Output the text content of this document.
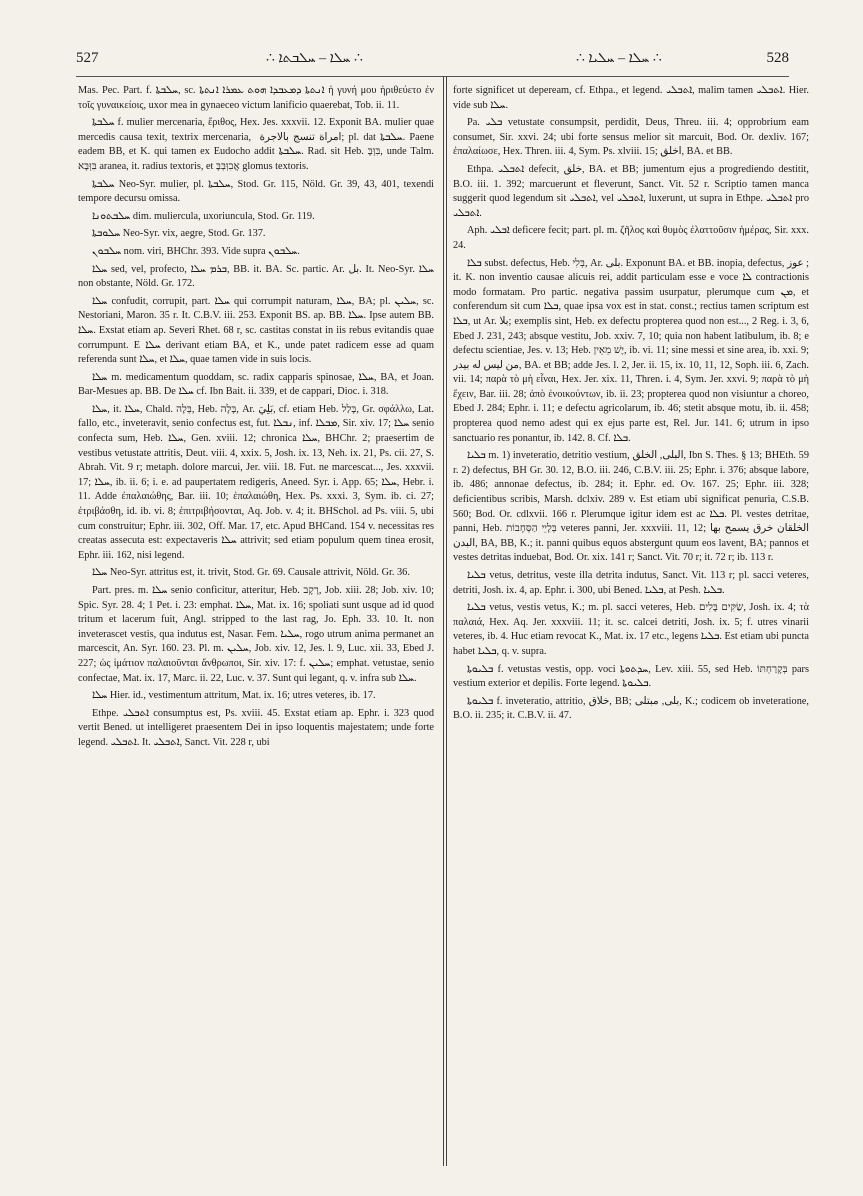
527	∴ ܚܠܐ – ܚܠܒܬܐ ∴	∴ ܚܠܐ – ܚܠܝܐ ∴	528

Mas. Pec. Part. f. ܚܠܒܬܐ, sc. ܐܢܬܬܐ ܕܡܥܒܕܐ ܗܘܬ ܥܡܪܐ ܐܢܬܬܐ ἡ γυνή μου ἠριθεύετο ἐν τοῖς γυναικείοις, uxor mea in gynaeceo victum lanificio quaerebat, Tob. ii. 11.

ܚܠܒܬܐ f. mulier mercenaria, ἔριθος, Hex. Jes. xxxvii. 12. Exponit BA. mulier quae mercedis causa texit, textrix mercenaria, امراة تنسج بالاجرة ‏; pl. dat ܚܠܒܬܐ. Paene eadem BB, et K. qui tamen ex Eudocho addit ܚܠܒܬܐ. Rad. sit Heb. בִּוְּבָּ, unde Talm. בִּוְּבָּא aranea, it. radius textoris, et אֲבִוְּבְּבָּ glomus textoris.

ܚܠܒܬܐ Neo-Syr. mulier, pl. ܚܠܒܬܐ, Stod. Gr. 115, Nöld. Gr. 39, 43, 401, texendi tempore decursu omissa.

ܚܠܒܬܘܢܐ dim. muliercula, uxoriuncula, Stod. Gr. 119.

ܚܠܘܒܬܐ Neo-Syr. vix, aegre, Stod. Gr. 137.

ܚܠܒܘܢ nom. viri, BHChr. 393. Vide supra ܚܠܒܘܢ.

ܚܠܐ sed, vel, profecto, ܒܪܡ ܚܠܐ, BB. it. BA. Sc. partic. Ar. بل. It. Neo-Syr. ܚܠܐ non obstante, Nöld. Gr. 172.

ܚܠܐ confudit, corrupit, part. ܚܠܐ qui corrumpit naturam, ܚܠܐ, BA; pl. ܚܠܝܢ, sc. Nestoriani, Maron. 35 r. It. C.B.V. iii. 253. Exponit BS. ap. BB. ܚܠܐ. Ipse autem BB. ܚܠܐ. Exstat etiam ap. Severi Rhet. 68 r, sc. castitas constat in iis rebus evitandis quae corrumpunt. E ܚܠܐ derivant etiam BA, et K., unde patet radicem esse ad quam referenda sunt ܚܠܐ, et ܚܠܐ, quae tamen vide in suis locis.

ܚܠܐ m. medicamentum quoddam, sc. radix capparis spinosae, ܚܠܐ, BA, et Joan. Bar-Mesues ap. BB. De ܚܠܐ cf. Ibn Bait. ii. 339, et de cappari, Dioc. i. 318.

ܚܠܐ, it. ܚܠܐ, Chald. בְּלָה, Heb. בָּלָה, Ar. بَلِيَ, cf. etiam Heb. בָּלַל, Gr. σφάλλω, Lat. fallo, etc., inveteravit, senio confectus est, fut. ܢܒܠܐ, inf. ܡܒܠܐ, Sir. xiv. 17; ܚܠܐ senio confecta sum, Heb. ܚܠܐ, Gen. xviii. 12; chronica ܚܠܐ, BHChr. 2; praesertim de vestibus vetustate attritis, Deut. viii. 4, xxix. 5, Josh. ix. 13, Neh. ix. 21, Ps. cii. 27, S. Abrah. Vit. 9 r; metaph. dolore marcui, Jer. viii. 18. Fut. ne marcescat..., Jes. xxxvii. 17; ܚܠܐ, ib. ii. 6; i. e. ad paupertatem redigeris, Aneed. Syr. i. App. 65; ܚܠܐ, Hebr. i. 11. Adde ἐπαλαιώθης, Bar. iii. 10; ἐπαλαιώθη, Hex. Ps. xxxi. 3, Sym. ib. ci. 27; ἐτριβάσθη, id. ib. vi. 8; ἐπιτριβήσονται, Aq. Job. v. 4; it. BHSchol. ad Ps. viii. 5, ubi cum construitur; Ephr. iii. 302, Off. Mar. 17, etc. Apud BHCand. 154 v. necessitas res creatas assecuta est: expectaveris ܚܠܐ attrivit; sed etiam populum quem tinea erosit, Ephr. iii. 162, nisi legend.

ܚܠܐ Neo-Syr. attritus est, it. trivit, Stod. Gr. 69. Causale attrivit, Nöld. Gr. 36.

Part. pres. m. ܚܠܐ senio conficitur, atteritur, Heb. רָקָב, Job. xiii. 28; Job. xiv. 10; Spic. Syr. 28. 4; 1 Pet. i. 23: emphat. ܚܠܐ, Mat. ix. 16; spoliati sunt usque ad id quod tritum et lacerum fuit, Angl. stripped to the last rag, Jo. Eph. 33. 10. It. non inveterascet vestis, qua indutus est, Nasar. Fem. ܚܠܝܐ, rogo utrum anima permanet an marcescit, An. Syr. 160. 23. Pl. m. ܚܠܝܢ, Job. xiv. 12, Jes. l. 9, Luc. xii. 33, Ebed J. 227; ὡς ἱμάτιον παλαιοῦνται ἄνθρωποι, Sir. xiv. 17: f. ܚܠܝܢ; emphat. vetustae, senio confectae, Mat. ix. 17, Marc. ii. 22, Luc. v. 37. Sunt qui legant, q. v. infra sub ܚܠܐ.

ܚܠܐ Hier. id., vestimentum attritum, Mat. ix. 16; utres veteres, ib. 17.

Ethpe. ܐܬܒܠܝ consumptus est, Ps. xviii. 45. Exstat etiam ap. Ephr. i. 323 quod vertit Bened. ut intelligeret praesentem Dei in ipso loquentis majestatem; unde forte legend. ܐܬܒܠܝ. It. ܐܬܒܠܝ, Sanct. Vit. 228 r, ubi

forte significet ut depeream, cf. Ethpa., et legend. ܐܬܒܠܝ, malim tamen ܐܬܒܠܝ. Hier. vide sub ܚܠܐ.

Pa. ܒܠܝ vetustate consumpsit, perdidit, Deus, Threu. iii. 4; opprobrium eam consumet, Sir. xxvi. 24; ubi forte sensus melior sit marcuit, Bod. Or. dexliv. 167; ἐπαλαίωσε, Hex. Thren. iii. 4, Sym. Ps. xlviii. 15; اخلق, BA. et BB.

Ethpa. ܐܬܒܠܝ defecit, خلق, BA. et BB; jumentum ejus a progrediendo destitit, B.O. iii. 1. 392; marcuerunt et fleverunt, Sanct. Vit. 52 r. Scriptio tamen manca suggerit quod legendum sit ܐܬܒܠܝ, vel ܐܬܒܠܝ, luxerunt, ut supra in Ethpe. ܐܬܒܠܝ pro ܐܬܒܠܝ.

Aph. ܐܒܠܝ deficere fecit; part. pl. m. ζῆλος καὶ θυμὸς ἐλαττοῦσιν ἡμέρας, Sir. xxx. 24.

ܒܠܐ subst. defectus, Heb. בְּלִי, Ar. بلى. Exponunt BA. et BB. inopia, defectus, عوز ; it. K. non inventio causae alicuis rei, addit particulam esse e voce ܠܐ contractionis modo formatam. Pro partic. negativa passim usurpatur, plerumque cum ܡܢ, et conferendum sit cum ܒܠܐ, quae ipsa vox est in stat. const.; rectius tamen scriptum est ܒܠܐ, ut Ar. بلا; exemplis sint, Heb. ex defectu propterea quod non est..., 2 Reg. i. 3, 6, Ebed J. 231, 243; absque vestitu, Job. xxiv. 7, 10; quia non habent latibulum, ib. 8; e defectu scientiae, Jes. v. 13; Heb. יֶשׁ מֵאֵין, ib. vi. 11; sine messi et sine area, ib. xxi. 9; من ليس له بيدر, BA. et BB; adde Jes. l. 2, Jer. ii. 15, ix. 10, 11, 12, Soph. iii. 6, Zach. vii. 14; παρὰ τὸ μὴ εἶναι, Hex. Jer. xix. 11, Thren. i. 4, Sym. Jer. xxvi. 9; παρὰ τὸ μὴ ἔχειν, Bar. iii. 28; ἀπὸ ἐνοικούντων, ib. ii. 23; propterea quod non visiuntur a choreo, Ebed J. 284; Ephr. i. 11; e defectu agricolarum, ib. 46; stetit absque motu, ib. ii. 458; propterea quod nemo adest qui ex ejus parte est, Rel. Jur. 141. 6; utrum in ipso sanctuario res ponantur, ib. 142. 8. Cf. ܒܠܐ.

ܒܠܝܐ m. 1) inveteratio, detritio vestium, البلى, الخلق, Ibn S. Thes. § 13; BHEth. 59 r. 2) defectus, BH Gr. 30. 12, B.O. iii. 246, C.B.V. iii. 25; Ephr. i. 376; absque labore, ib. 486; annonae defectus, ib. 284; it. Ephr. ed. Ov. 167. 25; Ephr. iii. 328; deficientibus scribis, Marsh. dclxiv. 289 v. Est etiam ubi significat penuria, C.S.B. 560; Bod. Or. cdlxvii. 166 r. Plerumque igitur idem est ac ܒܠܐ. Pl. vestes detritae, panni, Heb. בְּלָיֵי הַסְּחָבוֹת veteres panni, Jer. xxxviii. 11, 12; الخلقان خرق يسمح بها البدن, BA, BB, K.; it. panni quibus equos abstergunt quum eos lavent, BA; pannos et vestes detritas induebat, Bod. Or. xix. 141 r; Sanct. Vit. 70 r; it. 72 r; ib. 113 r.

ܒܠܝܐ vetus, detritus, veste illa detrita indutus, Sanct. Vit. 113 r; pl. sacci veteres, detriti, Josh. ix. 4, ap. Ephr. i. 300, ubi Bened. ܒܠܝܐ, at Pesh. ܒܠܝܐ.

ܒܠܝܐ vetus, vestis vetus, K.; m. pl. sacci veteres, Heb. שַׂקִּים בָּלִים, Josh. ix. 4; τὰ παλαιά, Hex. Aq. Jer. xxxviii. 11; it. sc. calcei detriti, Josh. ix. 5; f. utres vinarii veteres, ib. 4. Huc etiam revocat K., Mat. ix. 17 etc., legens ܒܠܝܐ. Est etiam ubi puncta habet ܒܠܝܐ, q. v. supra.

ܒܠܝܘܬܐ f. vetustas vestis, opp. voci ܚܕܬܘܬܐ, Lev. xiii. 55, sed Heb. בְּקָרַחְתּוֹ pars vestium exterior et depilis. Forte legend. ܒܠܝܘܬܐ.

ܒܠܝܘܬܐ f. inveteratio, attritio, خلاق, BB; بلى, مبتلى, K.; codicem ob inveteratione, B.O. ii. 235; it. C.B.V. ii. 47.
